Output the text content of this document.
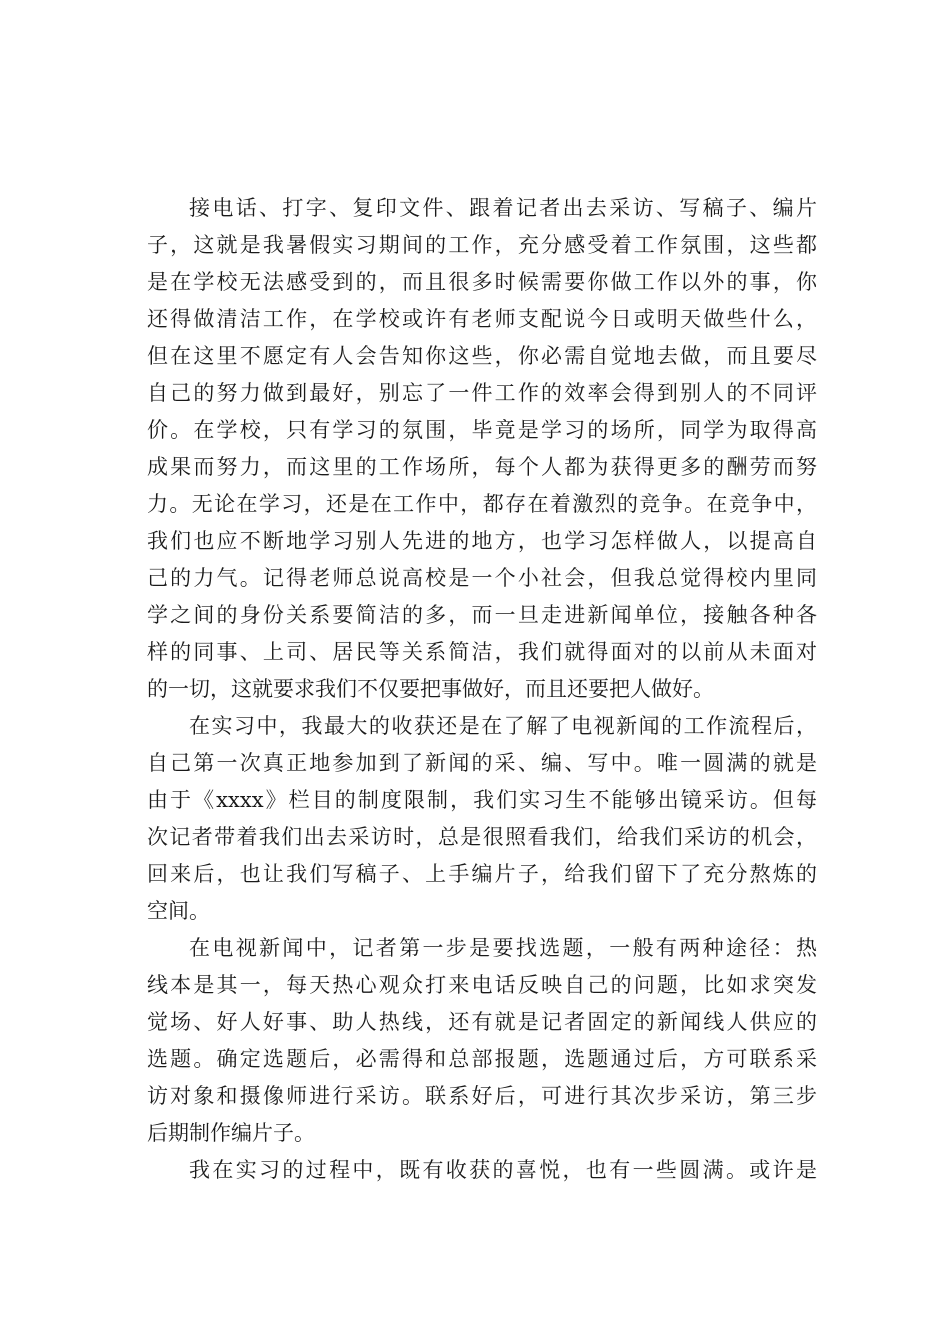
接电话、打字、复印文件、跟着记者出去采访、写稿子、编片
子，这就是我暑假实习期间的工作，充分感受着工作氛围，这些都
是在学校无法感受到的，而且很多时候需要你做工作以外的事，你
还得做清洁工作，在学校或许有老师支配说今日或明天做些什么，
但在这里不愿定有人会告知你这些，你必需自觉地去做，而且要尽
自己的努力做到最好，别忘了一件工作的效率会得到别人的不同评
价。在学校，只有学习的氛围，毕竟是学习的场所，同学为取得高
成果而努力，而这里的工作场所，每个人都为获得更多的酬劳而努
力。无论在学习，还是在工作中，都存在着激烈的竞争。在竞争中，
我们也应不断地学习别人先进的地方，也学习怎样做人，以提高自
己的力气。记得老师总说高校是一个小社会，但我总觉得校内里同
学之间的身份关系要简洁的多，而一旦走进新闻单位，接触各种各
样的同事、上司、居民等关系简洁，我们就得面对的以前从未面对
的一切，这就要求我们不仅要把事做好，而且还要把人做好。
在实习中，我最大的收获还是在了解了电视新闻的工作流程后，
自己第一次真正地参加到了新闻的采、编、写中。唯一圆满的就是
由于《xxxx》栏目的制度限制，我们实习生不能够出镜采访。但每
次记者带着我们出去采访时，总是很照看我们，给我们采访的机会，
回来后，也让我们写稿子、上手编片子，给我们留下了充分熬炼的
空间。
在电视新闻中，记者第一步是要找选题，一般有两种途径：热
线本是其一，每天热心观众打来电话反映自己的问题，比如求突发
觉场、好人好事、助人热线，还有就是记者固定的新闻线人供应的
选题。确定选题后，必需得和总部报题，选题通过后，方可联系采
访对象和摄像师进行采访。联系好后，可进行其次步采访，第三步
后期制作编片子。
我在实习的过程中，既有收获的喜悦，也有一些圆满。或许是
